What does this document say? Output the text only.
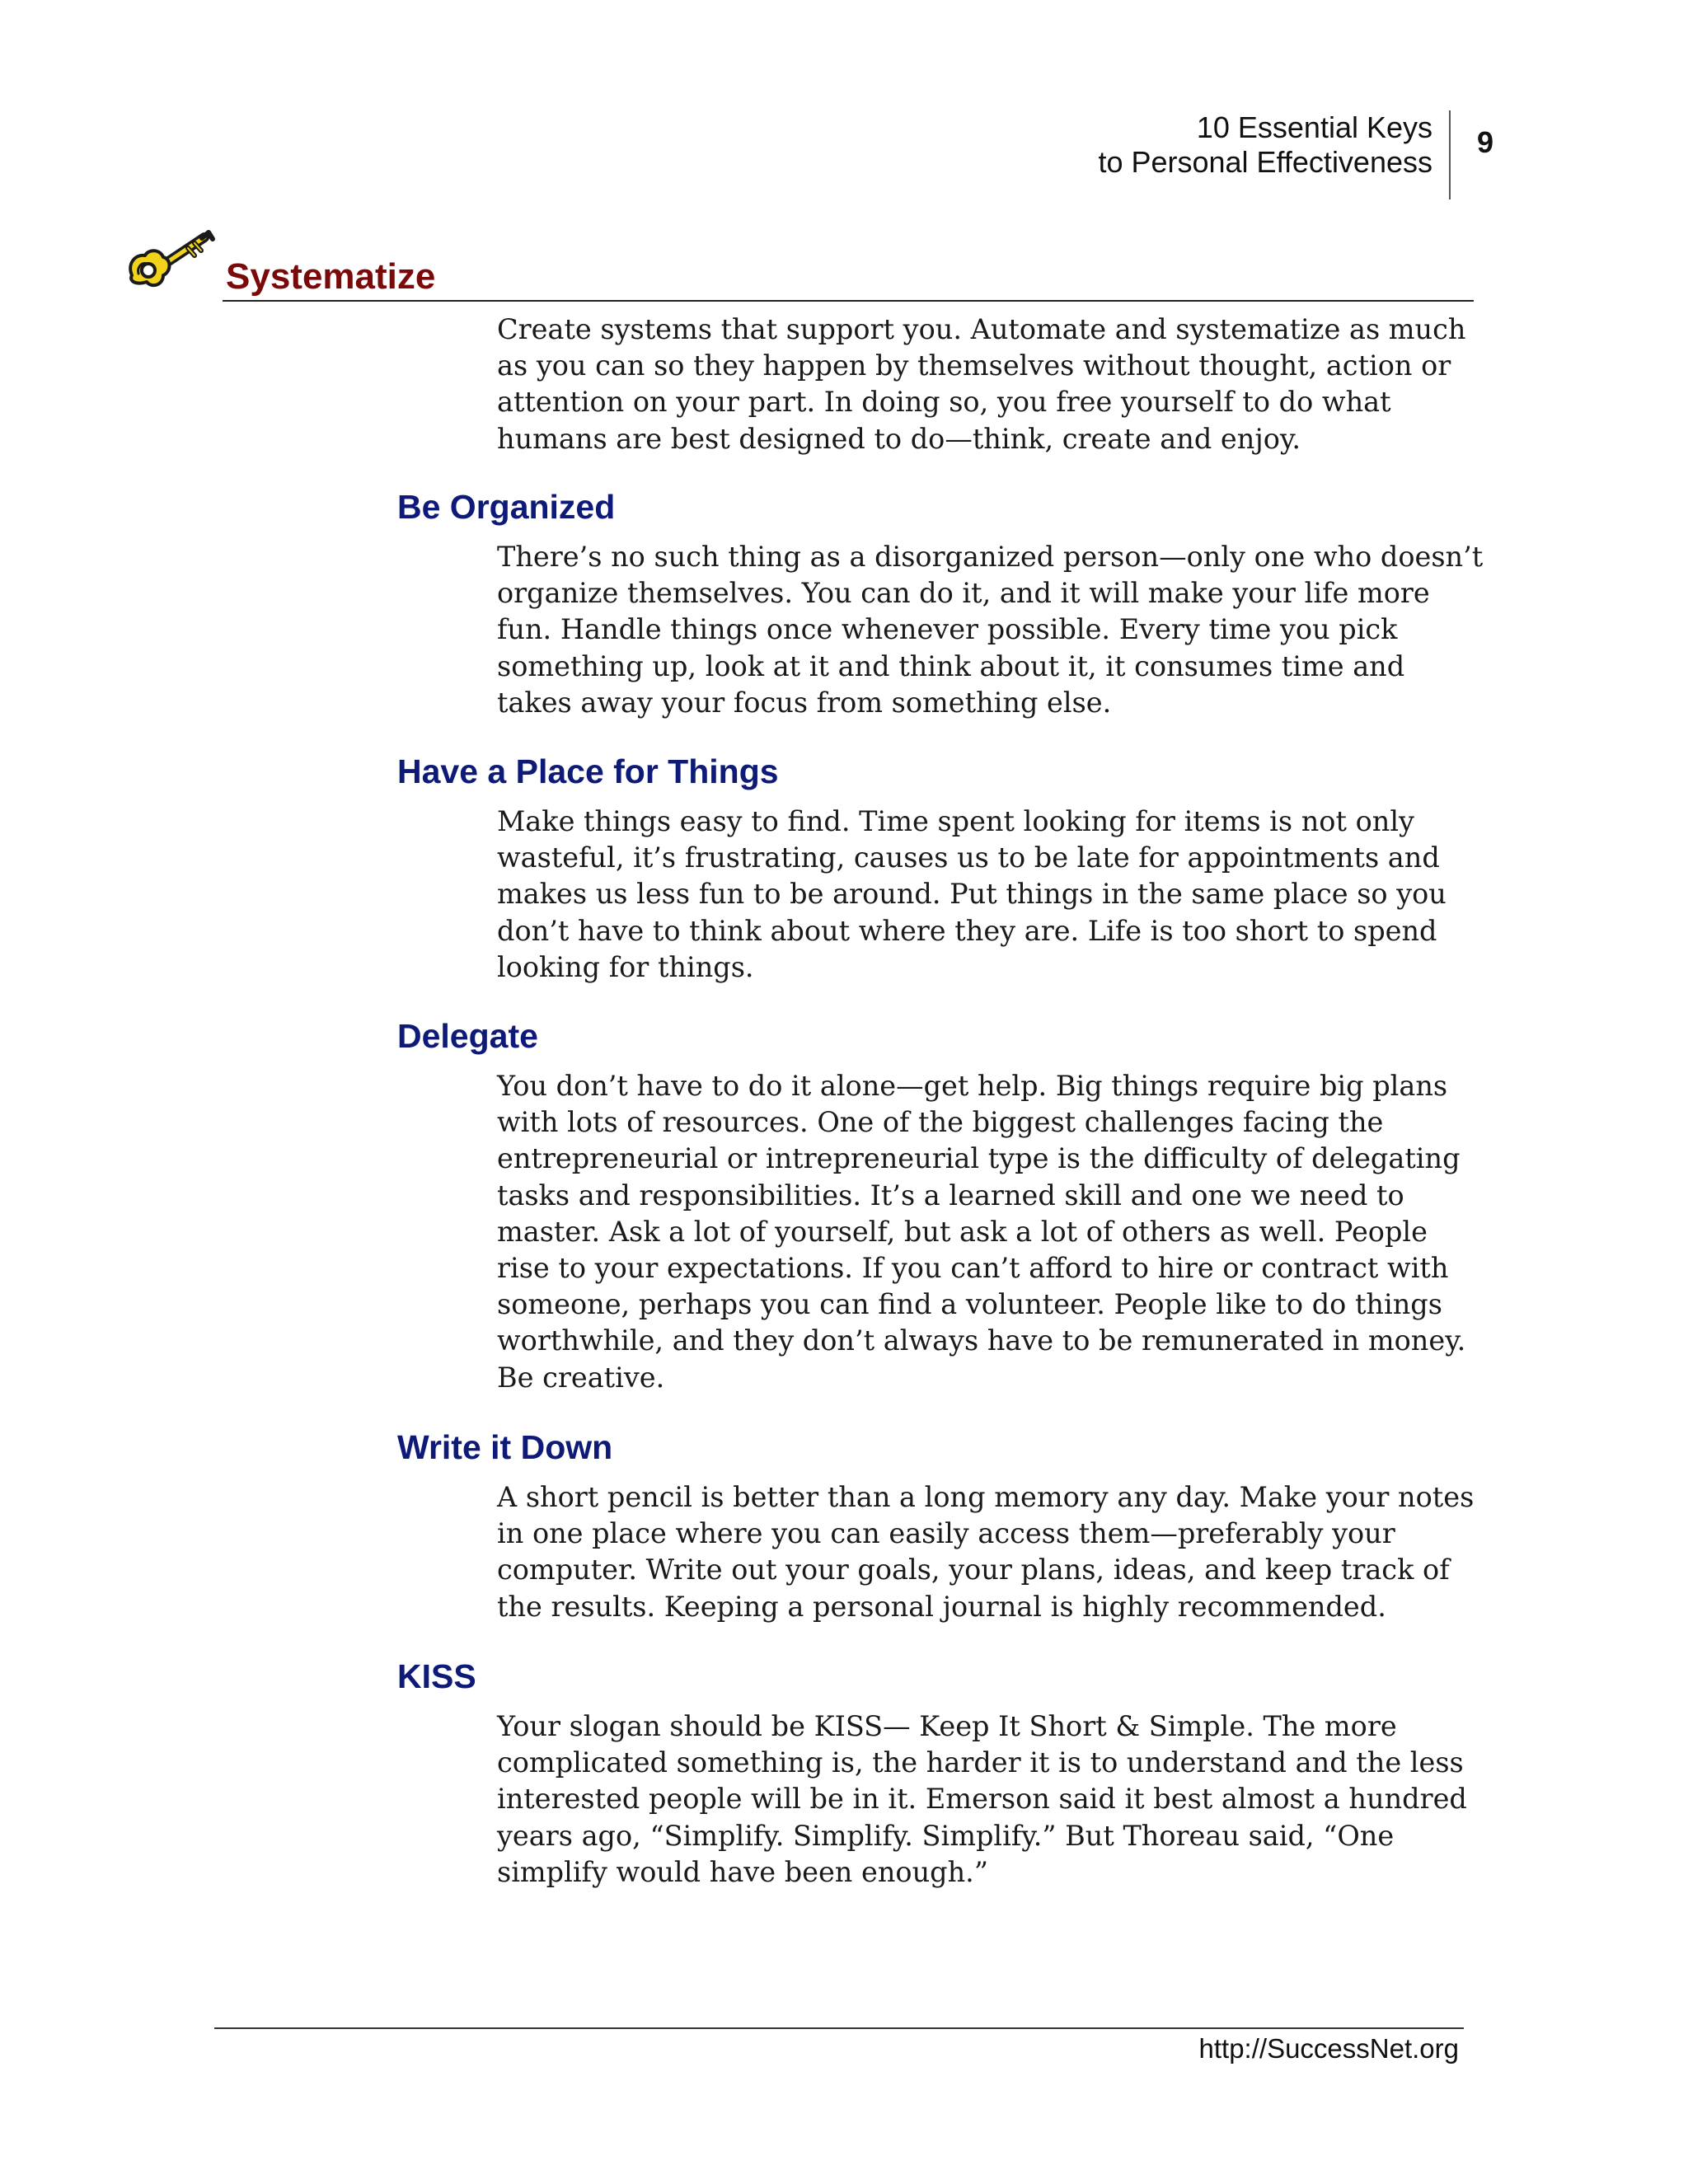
10 Essential Keys
to Personal Effectiveness
9
Systematize

Create systems that support you. Automate and systematize as much as you can so they happen by themselves without thought, action or attention on your part. In doing so, you free yourself to do what humans are best designed to do—think, create and enjoy.

Be Organized

There’s no such thing as a disorganized person—only one who doesn’t organize themselves. You can do it, and it will make your life more fun. Handle things once whenever possible. Every time you pick something up, look at it and think about it, it consumes time and takes away your focus from something else.

Have a Place for Things

Make things easy to find. Time spent looking for items is not only wasteful, it’s frustrating, causes us to be late for appointments and makes us less fun to be around. Put things in the same place so you don’t have to think about where they are. Life is too short to spend looking for things.

Delegate

You don’t have to do it alone—get help. Big things require big plans with lots of resources. One of the biggest challenges facing the entrepreneurial or intrepreneurial type is the difficulty of delegating tasks and responsibilities. It’s a learned skill and one we need to master. Ask a lot of yourself, but ask a lot of others as well. People rise to your expectations. If you can’t afford to hire or contract with someone, perhaps you can find a volunteer. People like to do things worthwhile, and they don’t always have to be remunerated in money. Be creative.

Write it Down

A short pencil is better than a long memory any day. Make your notes in one place where you can easily access them—preferably your computer. Write out your goals, your plans, ideas, and keep track of the results. Keeping a personal journal is highly recommended.

KISS

Your slogan should be KISS— Keep It Short & Simple. The more complicated something is, the harder it is to understand and the less interested people will be in it. Emerson said it best almost a hundred years ago, “Simplify. Simplify. Simplify.” But Thoreau said, “One simplify would have been enough.”

http://SuccessNet.org
